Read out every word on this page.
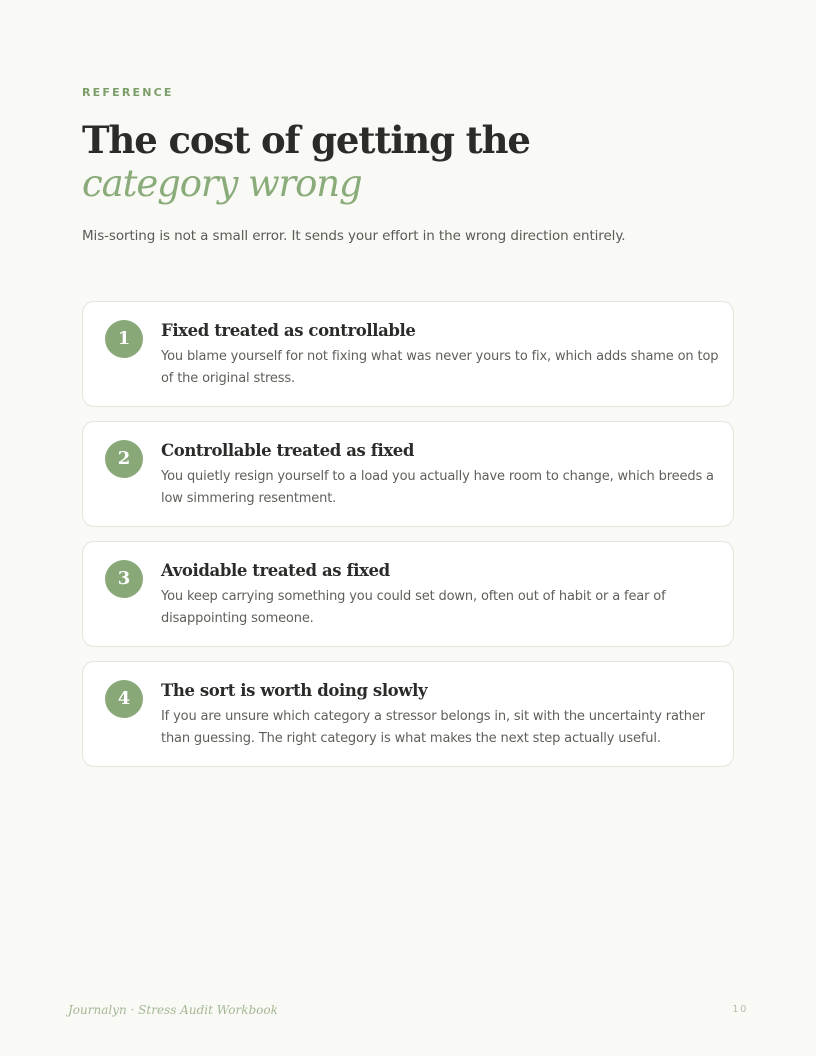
REFERENCE
The cost of getting the
category wrong
Mis-sorting is not a small error. It sends your effort in the wrong direction entirely.
1	Fixed treated as controllable
You blame yourself for not fixing what was never yours to fix, which adds shame on top of the original stress.
2	Controllable treated as fixed
You quietly resign yourself to a load you actually have room to change, which breeds a low simmering resentment.
3	Avoidable treated as fixed
You keep carrying something you could set down, often out of habit or a fear of disappointing someone.
4	The sort is worth doing slowly
If you are unsure which category a stressor belongs in, sit with the uncertainty rather than guessing. The right category is what makes the next step actually useful.
Journalyn · Stress Audit Workbook	10
